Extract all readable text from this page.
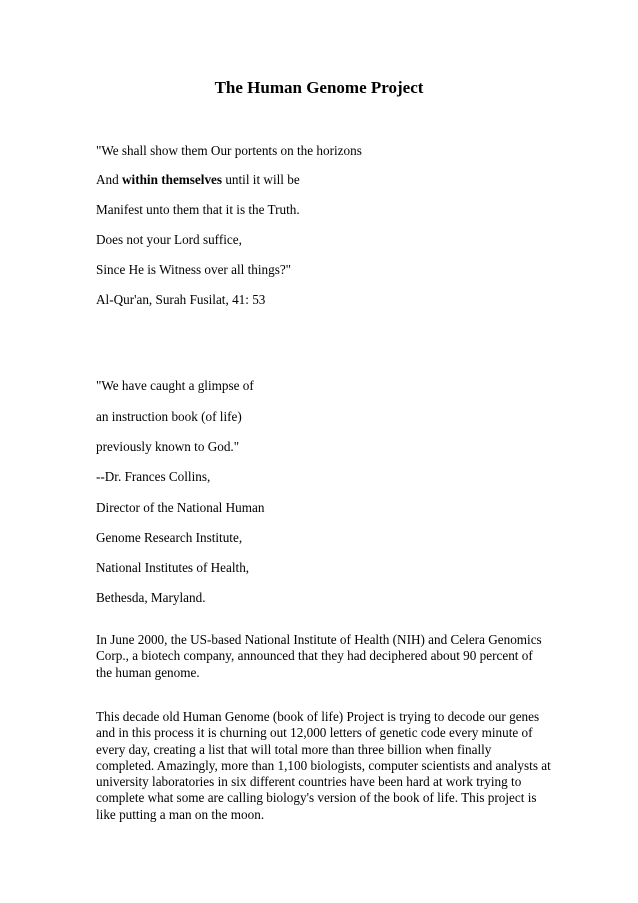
The Human Genome Project

"We shall show them Our portents on the horizons

And within themselves until it will be

Manifest unto them that it is the Truth.

Does not your Lord suffice,

Since He is Witness over all things?"

Al-Qur'an, Surah Fusilat, 41: 53

"We have caught a glimpse of

an instruction book (of life)

previously known to God."

--Dr. Frances Collins,

Director of the National Human

Genome Research Institute,

National Institutes of Health,

Bethesda, Maryland.

In June 2000, the US-based National Institute of Health (NIH) and Celera Genomics
Corp., a biotech company, announced that they had deciphered about 90 percent of
the human genome.
This decade old Human Genome (book of life) Project is trying to decode our genes
and in this process it is churning out 12,000 letters of genetic code every minute of
every day, creating a list that will total more than three billion when finally
completed. Amazingly, more than 1,100 biologists, computer scientists and analysts at
university laboratories in six different countries have been hard at work trying to
complete what some are calling biology's version of the book of life. This project is
like putting a man on the moon.
